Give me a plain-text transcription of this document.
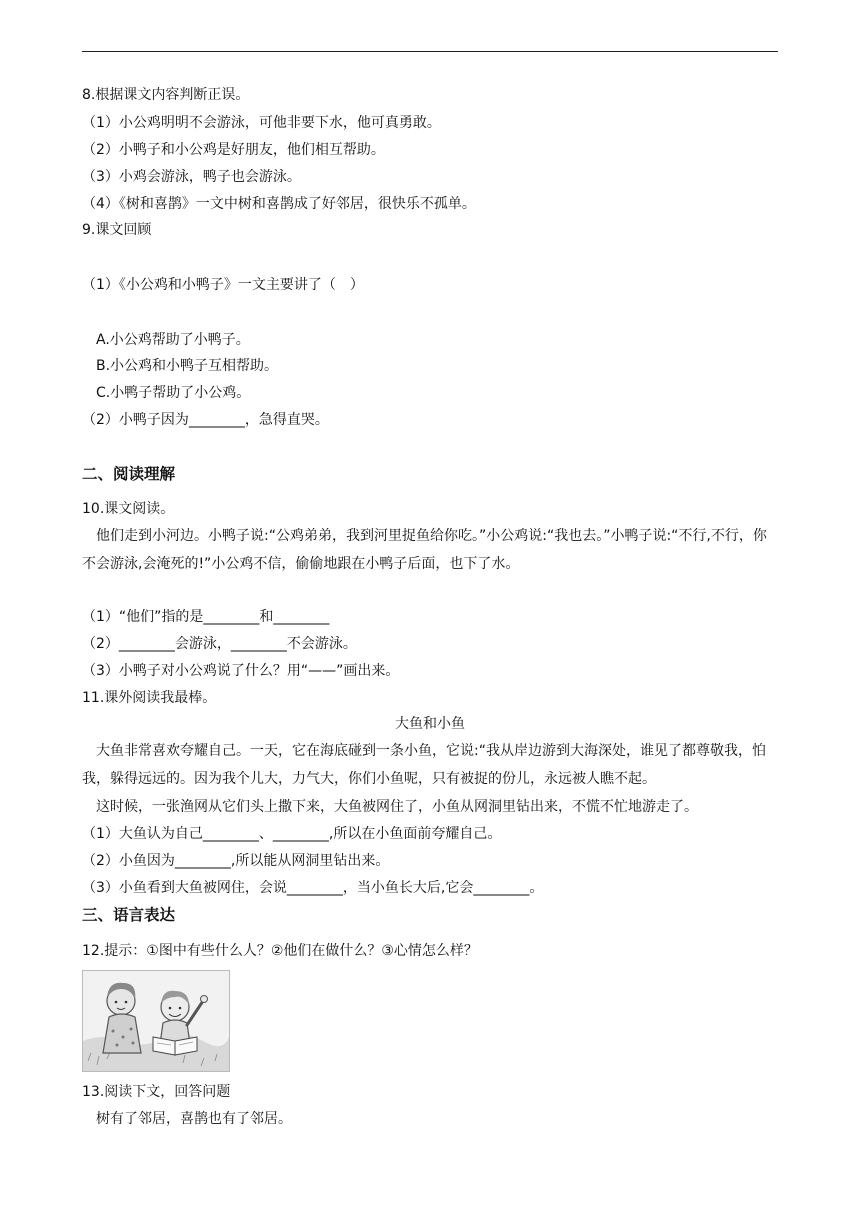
8.根据课文内容判断正误。
（1）小公鸡明明不会游泳，可他非要下水，他可真勇敢。
（2）小鸭子和小公鸡是好朋友，他们相互帮助。
（3）小鸡会游泳，鸭子也会游泳。
（4）《树和喜鹊》一文中树和喜鹊成了好邻居，很快乐不孤单。
9.课文回顾
（1）《小公鸡和小鸭子》一文主要讲了（　）
A.小公鸡帮助了小鸭子。
B.小公鸡和小鸭子互相帮助。
C.小鸭子帮助了小公鸡。
（2）小鸭子因为________，急得直哭。
二、阅读理解
10.课文阅读。
他们走到小河边。小鸭子说:“公鸡弟弟，我到河里捉鱼给你吃。”小公鸡说:“我也去。”小鸭子说:“不行,不行，你不会游泳,会淹死的!”小公鸡不信，偷偷地跟在小鸭子后面，也下了水。
（1）“他们”指的是________和________
（2）________会游泳，________不会游泳。
（3）小鸭子对小公鸡说了什么？用“——”画出来。
11.课外阅读我最棒。
大鱼和小鱼
大鱼非常喜欢夸耀自己。一天，它在海底碰到一条小鱼，它说:“我从岸边游到大海深处，谁见了都尊敬我，怕我，躲得远远的。因为我个儿大，力气大，你们小鱼呢，只有被捉的份儿，永远被人瞧不起。
这时候，一张渔网从它们头上撒下来，大鱼被网住了，小鱼从网洞里钻出来，不慌不忙地游走了。
（1）大鱼认为自己________、________,所以在小鱼面前夸耀自己。
（2）小鱼因为________,所以能从网洞里钻出来。
（3）小鱼看到大鱼被网住，会说________，当小鱼长大后,它会________。
三、语言表达
12.提示：①图中有些什么人？②他们在做什么？③心情怎么样？
13.阅读下文，回答问题
树有了邻居，喜鹊也有了邻居。
